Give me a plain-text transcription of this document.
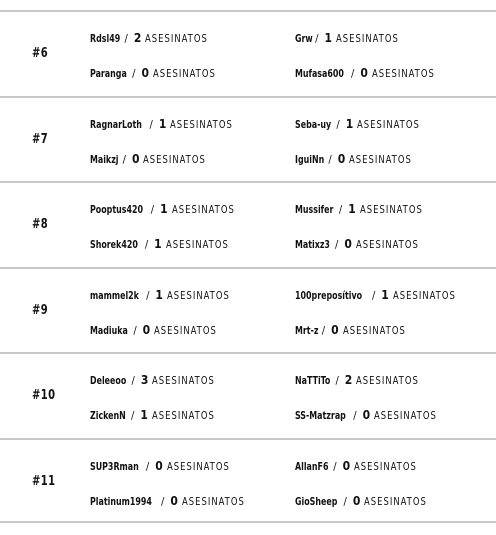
#6
Rdsl49 / 2 ASESINATOS	Grw / 1 ASESINATOS
Paranga / 0 ASESINATOS	Mufasa600 / 0 ASESINATOS
#7
RagnarLoth / 1 ASESINATOS	Seba-uy / 1 ASESINATOS
Maikzj / 0 ASESINATOS	IguiNn / 0 ASESINATOS
#8
Pooptus420 / 1 ASESINATOS	Mussifer / 1 ASESINATOS
Shorek420 / 1 ASESINATOS	Matixz3 / 0 ASESINATOS
#9
mammel2k / 1 ASESINATOS	100preposítivo / 1 ASESINATOS
Madiuka / 0 ASESINATOS	Mrt-z / 0 ASESINATOS
#10
Deleeoo / 3 ASESINATOS	NaTTiTo / 2 ASESINATOS
ZickenN / 1 ASESINATOS	SS-Matzrap / 0 ASESINATOS
#11
SUP3Rman / 0 ASESINATOS	AllanF6 / 0 ASESINATOS
Platinum1994 / 0 ASESINATOS	GioSheep / 0 ASESINATOS
